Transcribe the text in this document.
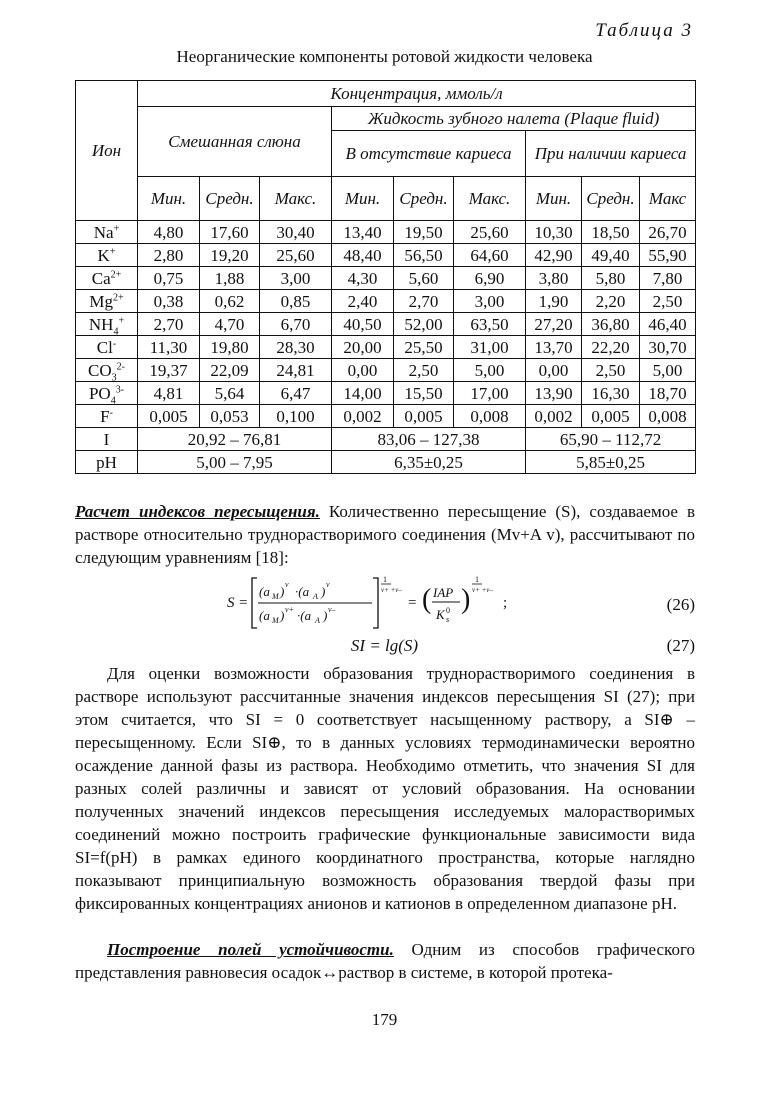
Таблица 3
Неорганические компоненты ротовой жидкости человека
Ион	Концентрация, ммоль/л								
	Смешанная слюна			Жидкость зубного налета (Plaque fluid)					
				В отсутствие кариеса			При наличии кариеса		
	Мин.	Средн.	Макс.	Мин.	Средн.	Макс.	Мин.	Средн.	Макс
Na+	4,80	17,60	30,40	13,40	19,50	25,60	10,30	18,50	26,70
K+	2,80	19,20	25,60	48,40	56,50	64,60	42,90	49,40	55,90
$Ca^{2+}$	0,75	1,88	3,00	4,30	5,60	6,90	3,80	5,80	7,80
$Mg^{2+}$	0,38	0,62	0,85	2,40	2,70	3,00	1,90	2,20	2,50
$NH_4^+$	2,70	4,70	6,70	40,50	52,00	63,50	27,20	36,80	46,40
Cl-	11,30	19,80	28,30	20,00	25,50	31,00	13,70	22,20	30,70
$CO_3^{2-}$	19,37	22,09	24,81	0,00	2,50	5,00	0,00	2,50	5,00
$PO_4^{3-}$	4,81	5,64	6,47	14,00	15,50	17,00	13,90	16,30	18,70
F-	0,005	0,053	0,100	0,002	0,005	0,008	0,002	0,005	0,008
I	20,92 – 76,81			83,06 – 127,38			65,90 – 112,72		
pH	5,00 – 7,95			6,35±0,25			5,85±0,25		
Расчет индексов пересыщения. Количественно пересыщение (S), создаваемое в растворе относительно труднорастворимого соединения (Mv+A v), рассчитывают по следующим уравнениям [18]:
S =
(a M ) v ·(a A ) v
(a M ) v+ ·(a A ) v–
1
v+ +v–
= ( IAP
K 0
s
)
1
v+ +v–
;	(26)
SI = lg(S)	(27)
Для оценки возможности образования труднорастворимого соединения в растворе используют рассчитанные значения индексов пересыщения SI (27); при этом считается, что SI = 0 соответствует насыщенному раствору, а SI⊕ – пересыщенному. Если SI⊕, то в данных условиях термодинамически вероятно осаждение данной фазы из раствора. Необходимо отметить, что значения SI для разных солей различны и зависят от условий образования. На основании полученных значений индексов пересыщения исследуемых малорастворимых соединений можно построить графические функциональные зависимости вида SI=f(pH) в рамках единого координатного пространства, которые наглядно показывают принципиальную возможность образования твердой фазы при фиксированных концентрациях анионов и катионов в определенном диапазоне pH.
Построение полей устойчивости. Одним из способов графического представления равновесия осадок↔раствор в системе, в которой протека-
179
